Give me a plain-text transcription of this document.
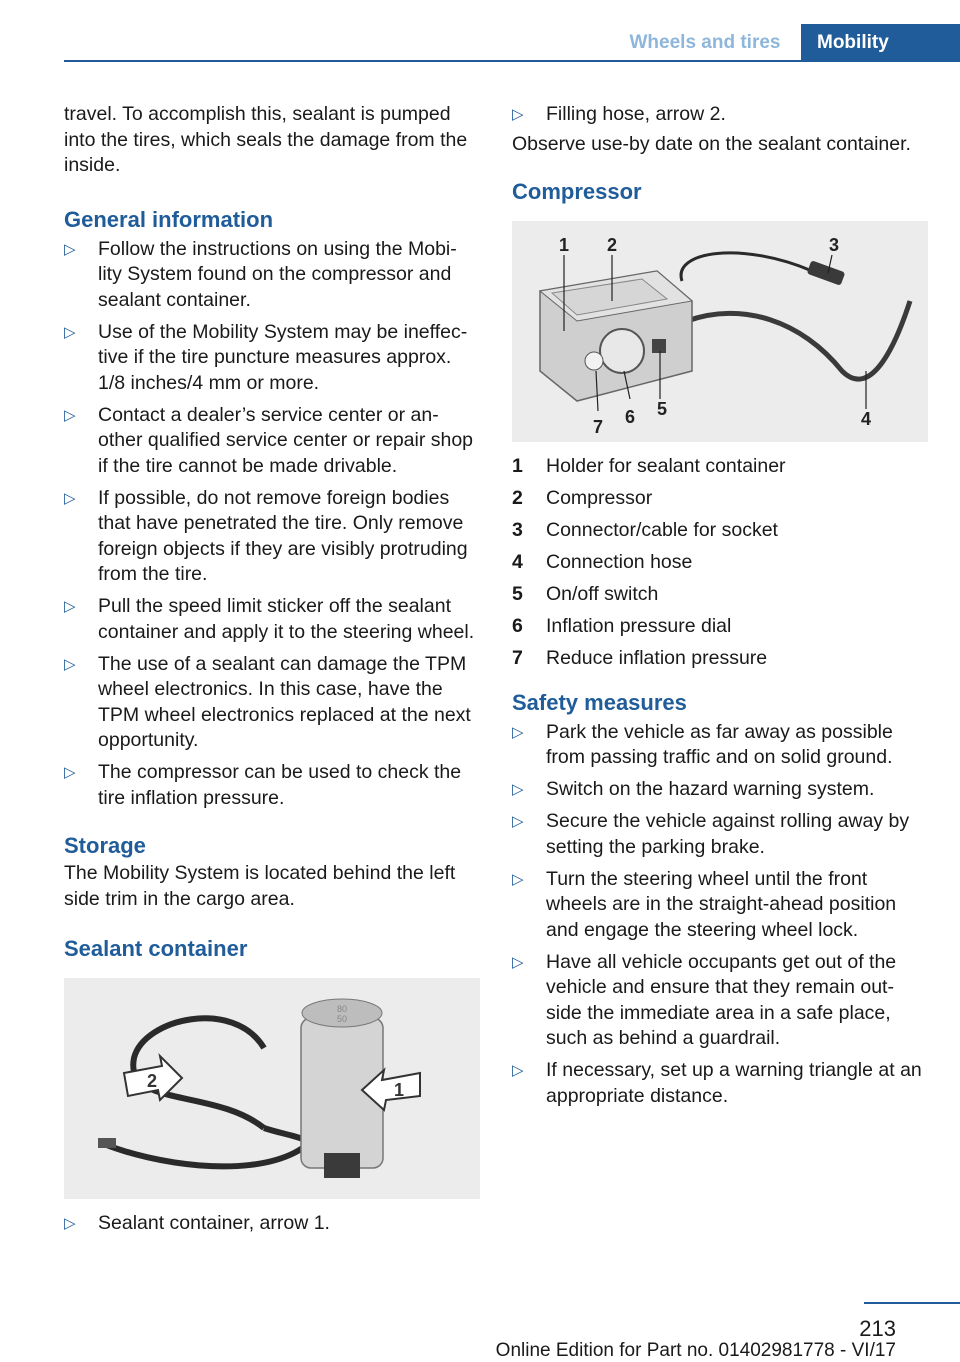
Wheels and tires	Mobility

travel. To accomplish this, sealant is pumped into the tires, which seals the damage from the inside.

General information
▷	Follow the instructions on using the Mobi‐lity System found on the compressor and sealant container.
▷	Use of the Mobility System may be ineffec‐tive if the tire puncture measures approx. 1/8 inches/4 mm or more.
▷	Contact a dealer’s service center or an‐other qualified service center or repair shop if the tire cannot be made drivable.
▷	If possible, do not remove foreign bodies that have penetrated the tire. Only remove foreign objects if they are visibly protruding from the tire.
▷	Pull the speed limit sticker off the sealant container and apply it to the steering wheel.
▷	The use of a sealant can damage the TPM wheel electronics. In this case, have the TPM wheel electronics replaced at the next opportunity.
▷	The compressor can be used to check the tire inflation pressure.
Storage

The Mobility System is located behind the left side trim in the cargo area.

Sealant container
80
50
2	1
▷	Sealant container, arrow 1.
▷	Filling hose, arrow 2.

Observe use-by date on the sealant container.

Compressor
1 2	3
4
5
6
7
1 Holder for sealant container
2 Compressor
3 Connector/cable for socket
4 Connection hose
5 On/off switch
6 Inflation pressure dial
7 Reduce inflation pressure
Safety measures
▷	Park the vehicle as far away as possible from passing traffic and on solid ground.
▷	Switch on the hazard warning system.
▷	Secure the vehicle against rolling away by setting the parking brake.
▷	Turn the steering wheel until the front wheels are in the straight-ahead position and engage the steering wheel lock.
▷	Have all vehicle occupants get out of the vehicle and ensure that they remain out‐side the immediate area in a safe place, such as behind a guardrail.
▷	If necessary, set up a warning triangle at an appropriate distance.
213
Online Edition for Part no. 01402981778 - VI/17
